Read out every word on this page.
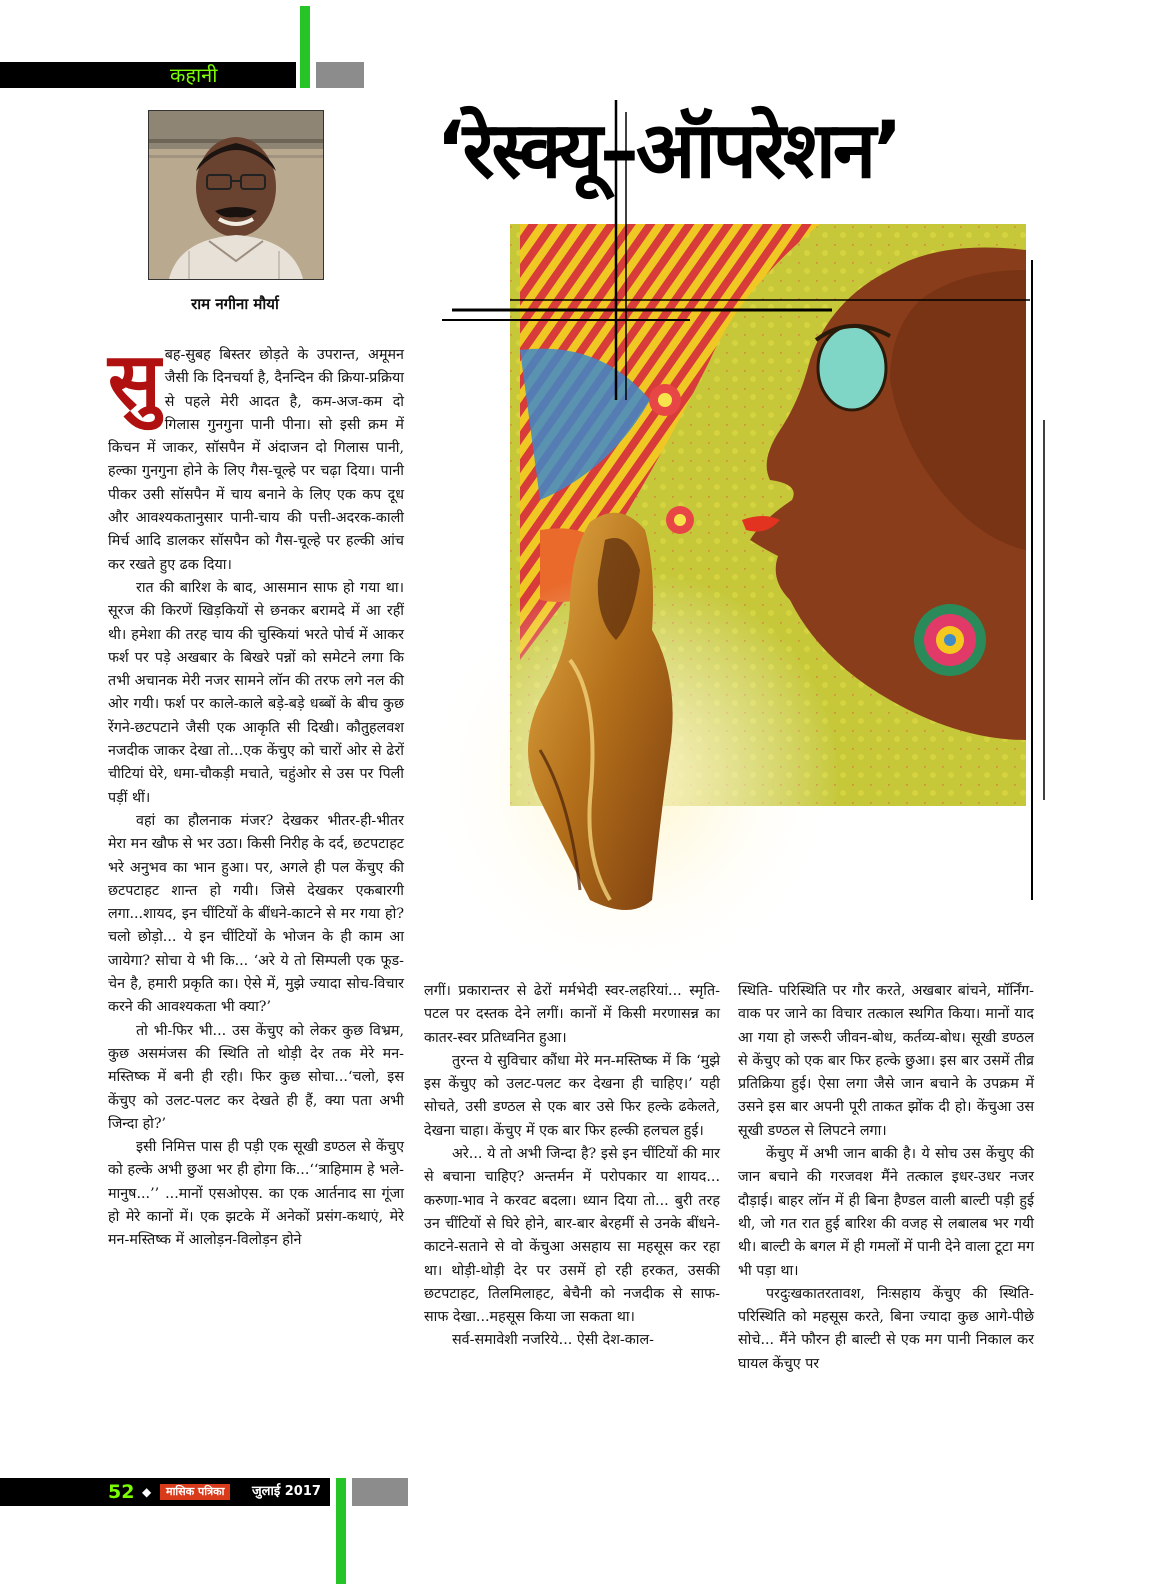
कहानी
राम नगीना मौर्या
‘रेस्क्यू–ऑपरेशन’

सुबह-सुबह बिस्तर छोड़ते के उपरान्त, अमूमन जैसी कि दिनचर्या है, दैनन्दिन की क्रिया-प्रक्रिया से पहले मेरी आदत है, कम-अज-कम दो गिलास गुनगुना पानी पीना। सो इसी क्रम में किचन में जाकर, सॉसपैन में अंदाजन दो गिलास पानी, हल्का गुनगुना होने के लिए गैस-चूल्हे पर चढ़ा दिया। पानी पीकर उसी सॉसपैन में चाय बनाने के लिए एक कप दूध और आवश्यकतानुसार पानी-चाय की पत्ती-अदरक-काली मिर्च आदि डालकर सॉसपैन को गैस-चूल्हे पर हल्की आंच कर रखते हुए ढक दिया।

रात की बारिश के बाद, आसमान साफ हो गया था। सूरज की किरणें खिड़कियों से छनकर बरामदे में आ रहीं थी। हमेशा की तरह चाय की चुस्कियां भरते पोर्च में आकर फर्श पर पड़े अखबार के बिखरे पन्नों को समेटने लगा कि तभी अचानक मेरी नजर सामने लॉन की तरफ लगे नल की ओर गयी। फर्श पर काले-काले बड़े-बड़े धब्बों के बीच कुछ रेंगने-छटपटाने जैसी एक आकृति सी दिखी। कौतुहलवश नजदीक जाकर देखा तो...एक केंचुए को चारों ओर से ढेरों चीटियां घेरे, धमा-चौकड़ी मचाते, चहुंओर से उस पर पिली पड़ीं थीं।

वहां का हौलनाक मंजर? देखकर भीतर-ही-भीतर मेरा मन खौफ से भर उठा। किसी निरीह के दर्द, छटपटाहट भरे अनुभव का भान हुआ। पर, अगले ही पल केंचुए की छटपटाहट शान्त हो गयी। जिसे देखकर एकबारगी लगा...शायद, इन चींटियों के बींधने-काटने से मर गया हो? चलो छोड़ो... ये इन चींटियों के भोजन के ही काम आ जायेगा? सोचा ये भी कि... ‘अरे ये तो सिम्पली एक फूड-चेन है, हमारी प्रकृति का। ऐसे में, मुझे ज्यादा सोच-विचार करने की आवश्यकता भी क्या?’

तो भी-फिर भी... उस केंचुए को लेकर कुछ विभ्रम, कुछ असमंजस की स्थिति तो थोड़ी देर तक मेरे मन-मस्तिष्क में बनी ही रही। फिर कुछ सोचा...‘चलो, इस केंचुए को उलट-पलट कर देखते ही हैं, क्या पता अभी जिन्दा हो?’

इसी निमित्त पास ही पड़ी एक सूखी डण्ठल से केंचुए को हल्के अभी छुआ भर ही होगा कि...‘‘त्राहिमाम हे भले-मानुष...’’ ...मानों एसओएस. का एक आर्तनाद सा गूंजा हो मेरे कानों में। एक झटके में अनेकों प्रसंग-कथाएं, मेरे मन-मस्तिष्क में आलोड़न-विलोड़न होने

लगीं। प्रकारान्तर से ढेरों मर्मभेदी स्वर-लहरियां... स्मृति-पटल पर दस्तक देने लगीं। कानों में किसी मरणासन्न का कातर-स्वर प्रतिध्वनित हुआ।

तुरन्त ये सुविचार कौंधा मेरे मन-मस्तिष्क में कि ‘मुझे इस केंचुए को उलट-पलट कर देखना ही चाहिए।’ यही सोचते, उसी डण्ठल से एक बार उसे फिर हल्के ढकेलते, देखना चाहा। केंचुए में एक बार फिर हल्की हलचल हुई।

अरे... ये तो अभी जिन्दा है? इसे इन चींटियों की मार से बचाना चाहिए? अन्तर्मन में परोपकार या शायद... करुणा-भाव ने करवट बदला। ध्यान दिया तो... बुरी तरह उन चींटियों से घिरे होने, बार-बार बेरहमीं से उनके बींधने-काटने-सताने से वो केंचुआ असहाय सा महसूस कर रहा था। थोड़ी-थोड़ी देर पर उसमें हो रही हरकत, उसकी छटपटाहट, तिलमिलाहट, बेचैनी को नजदीक से साफ-साफ देखा...महसूस किया जा सकता था।

सर्व-समावेशी नजरिये... ऐसी देश-काल-

स्थिति- परिस्थिति पर गौर करते, अखबार बांचने, मॉर्निंग-वाक पर जाने का विचार तत्काल स्थगित किया। मानों याद आ गया हो जरूरी जीवन-बोध, कर्तव्य-बोध। सूखी डण्ठल से केंचुए को एक बार फिर हल्के छुआ। इस बार उसमें तीव्र प्रतिक्रिया हुई। ऐसा लगा जैसे जान बचाने के उपक्रम में उसने इस बार अपनी पूरी ताकत झोंक दी हो। केंचुआ उस सूखी डण्ठल से लिपटने लगा।

केंचुए में अभी जान बाकी है। ये सोच उस केंचुए की जान बचाने की गरजवश मैंने तत्काल इधर-उधर नजर दौड़ाई। बाहर लॉन में ही बिना हैण्डल वाली बाल्टी पड़ी हुई थी, जो गत रात हुई बारिश की वजह से लबालब भर गयी थी। बाल्टी के बगल में ही गमलों में पानी देने वाला टूटा मग भी पड़ा था।

परदुःखकातरतावश, निःसहाय केंचुए की स्थिति-परिस्थिति को महसूस करते, बिना ज्यादा कुछ आगे-पीछे सोचे... मैंने फौरन ही बाल्टी से एक मग पानी निकाल कर घायल केंचुए पर

52 ◆	मासिक पत्रिका	जुलाई 2017
